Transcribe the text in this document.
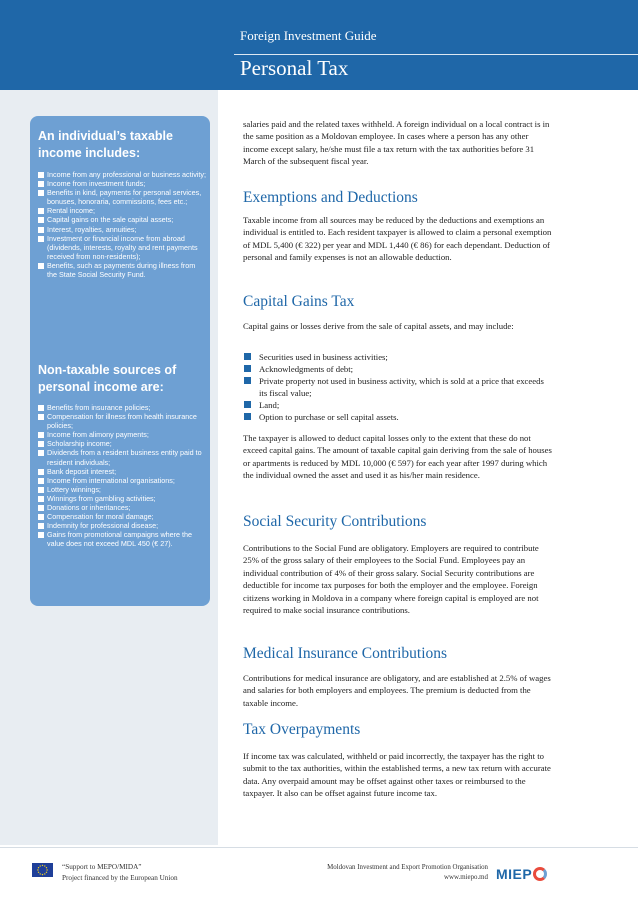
Foreign Investment Guide
Personal Tax
An individual’s taxable income includes:
Income from any professional or business activity;
Income from investment funds;
Benefits in kind, payments for personal services, bonuses, honoraria, commissions, fees etc.;
Rental income;
Capital gains on the sale capital assets;
Interest, royalties, annuities;
Investment or financial income from abroad (dividends, interests, royalty and rent payments received from non-residents);
Benefits, such as payments during illness from the State Social Security Fund.
Non-taxable sources of personal income are:
Benefits from insurance policies;
Compensation for illness from health insurance policies;
Income from alimony payments;
Scholarship income;
Dividends from a resident business entity paid to resident individuals;
Bank deposit interest;
Income from international organisations;
Lottery winnings;
Winnings from gambling activities;
Donations or inheritances;
Compensation for moral damage;
Indemnity for professional disease;
Gains from promotional campaigns where the value does not exceed MDL 450 (€ 27).

salaries paid and the related taxes withheld. A foreign individual on a local contract is in the same position as a Moldovan employee. In cases where a person has any other income except salary, he/she must file a tax return with the tax authorities before 31 March of the subsequent fiscal year.

Exemptions and Deductions

Taxable income from all sources may be reduced by the deductions and exemptions an individual is entitled to. Each resident taxpayer is allowed to claim a personal exemption of MDL 5,400 (€ 322) per year and MDL 1,440 (€ 86) for each dependant. Deduction of personal and family expenses is not an allowable deduction.

Capital Gains Tax

Capital gains or losses derive from the sale of capital assets, and may include:

Securities used in business activities;
Acknowledgments of debt;
Private property not used in business activity, which is sold at a price that exceeds its fiscal value;
Land;
Option to purchase or sell capital assets.

The taxpayer is allowed to deduct capital losses only to the extent that these do not exceed capital gains. The amount of taxable capital gain deriving from the sale of houses or apartments is reduced by MDL 10,000 (€ 597) for each year after 1997 during which the individual owned the asset and used it as his/her main residence.

Social Security Contributions

Contributions to the Social Fund are obligatory. Employers are required to contribute 25% of the gross salary of their employees to the Social Fund. Employees pay an individual contribution of 4% of their gross salary. Social Security contributions are deductible for income tax purposes for both the employer and the employee. Foreign citizens working in Moldova in a company where foreign capital is employed are not required to make social insurance contributions.

Medical Insurance Contributions

Contributions for medical insurance are obligatory, and are established at 2.5% of wages and salaries for both employers and employees. The premium is deducted from the taxable income.

Tax Overpayments

If income tax was calculated, withheld or paid incorrectly, the taxpayer has the right to submit to the tax authorities, within the established terms, a new tax return with accurate data. Any overpaid amount may be offset against other taxes or reimbursed to the taxpayer. It also can be offset against future income tax.

“Support to MEPO/MIDA”
Project financed by the European Union
Moldovan Investment and Export Promotion Organisation
www.miepo.md MIEP
